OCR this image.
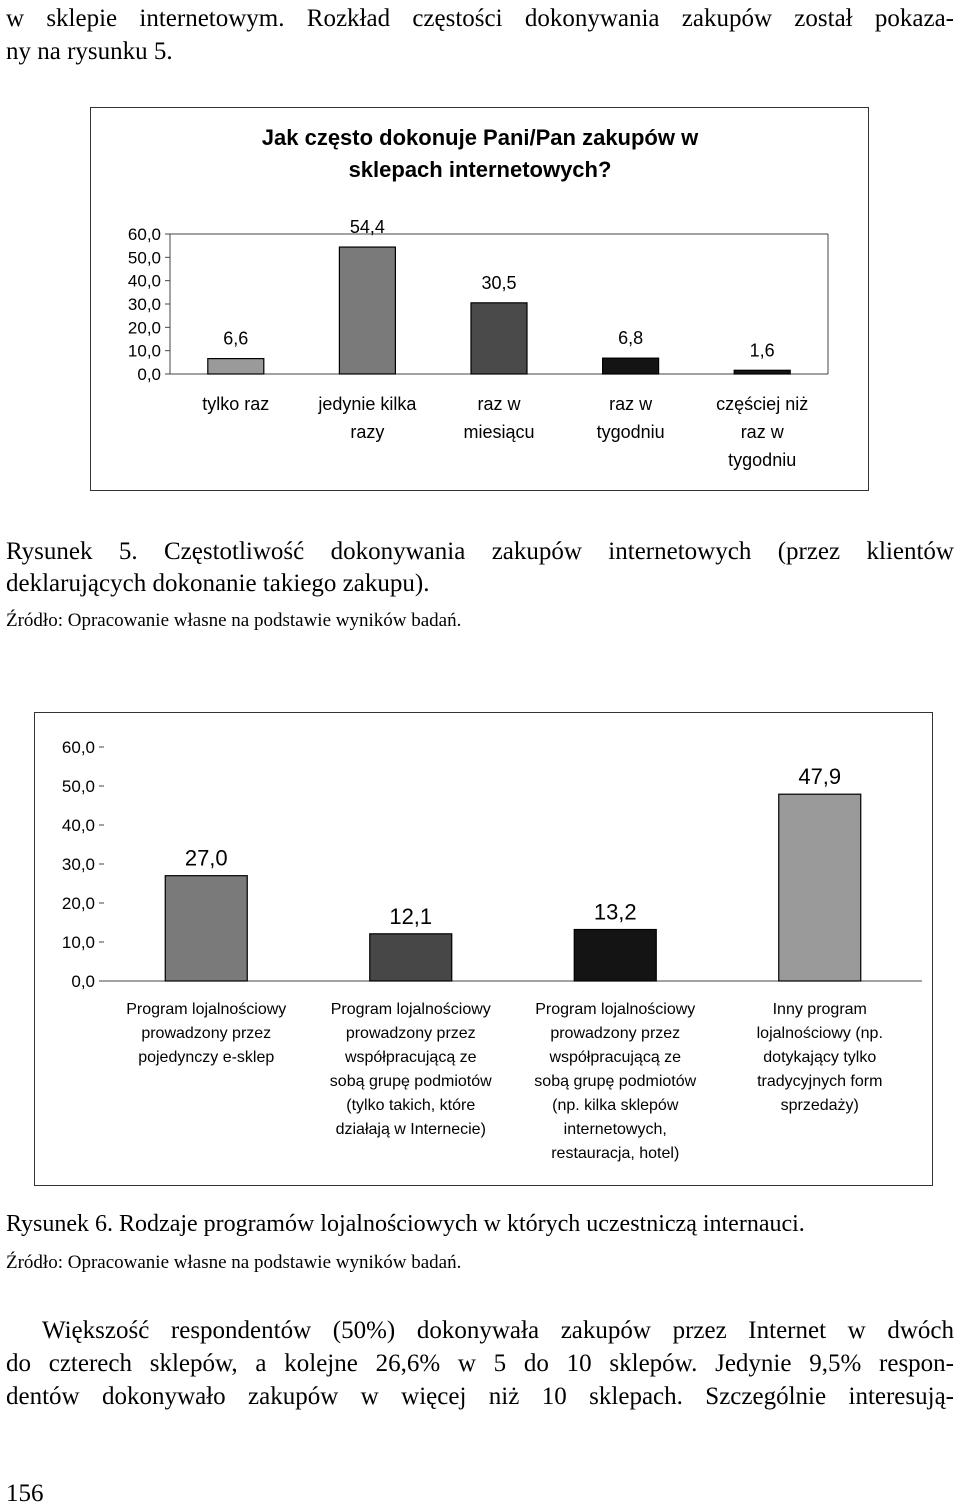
w sklepie internetowym. Rozkład częstości dokonywania zakupów został pokaza-

ny na rysunku 5.

Jak często dokonuje Pani/Pan zakupów w
sklepach internetowych?
0,0
10,0
20,0
30,0
40,0
50,0
60,0
6,6
tylko raz
54,4
jedynie kilka
razy
30,5
raz w
miesiącu
6,8
raz w
tygodniu
1,6
częściej niż
raz w
tygodniu

Rysunek 5. Częstotliwość dokonywania zakupów internetowych (przez klientów

deklarujących dokonanie takiego zakupu).

Źródło: Opracowanie własne na podstawie wyników badań.

0,0
10,0
20,0
30,0
40,0
50,0
60,0
27,0
Program lojalnościowy
prowadzony przez
pojedynczy e-sklep
12,1
Program lojalnościowy
prowadzony przez
współpracującą ze
sobą grupę podmiotów
(tylko takich, które
działają w Internecie)
13,2
Program lojalnościowy
prowadzony przez
współpracującą ze
sobą grupę podmiotów
(np. kilka sklepów
internetowych,
restauracja, hotel)
47,9
Inny program
lojalnościowy (np.
dotykający tylko
tradycyjnych form
sprzedaży)

Rysunek 6. Rodzaje programów lojalnościowych w których uczestniczą internauci.

Źródło: Opracowanie własne na podstawie wyników badań.

Większość respondentów (50%) dokonywała zakupów przez Internet w dwóch

do czterech sklepów, a kolejne 26,6% w 5 do 10 sklepów. Jedynie 9,5% respon-

dentów dokonywało zakupów w więcej niż 10 sklepach. Szczególnie interesują-

156
